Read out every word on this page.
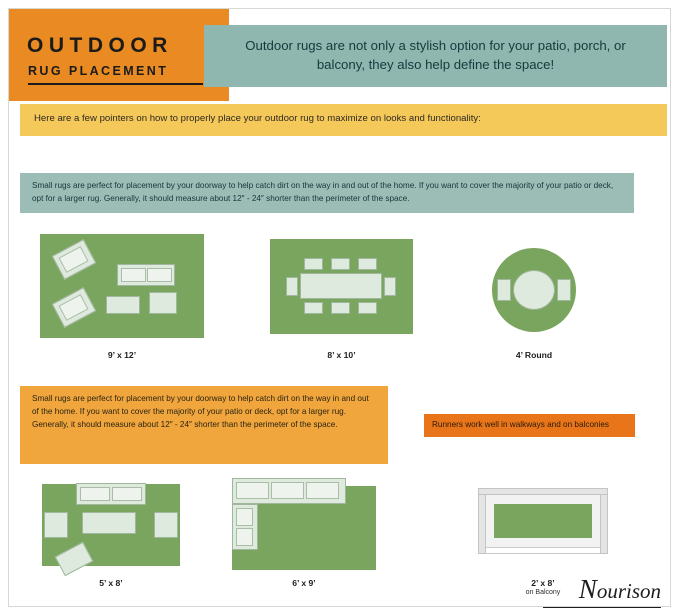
OUTDOOR
RUG PLACEMENT

Outdoor rugs are not only a stylish option for your patio, porch, or balcony, they also help define the space!

Here are a few pointers on how to properly place your outdoor rug to maximize on looks and functionality:

Small rugs are perfect for placement by your doorway to help catch dirt on the way in and out of the home. If you want to cover the majority of your patio or deck, opt for a larger rug. Generally, it should measure about 12″ - 24″ shorter than the perimeter of the space.

9’ x 12’	8’ x 10’	4’ Round

Small rugs are perfect for placement by your doorway to help catch dirt on the way in and out of the home. If you want to cover the majority of your patio or deck, opt for a larger rug. Generally, it should measure about 12″ - 24″ shorter than the perimeter of the space.	Runners work well in walkways and on balconies

5’ x 8’	6’ x 9’	2’ x 8’
on Balcony Nourison
